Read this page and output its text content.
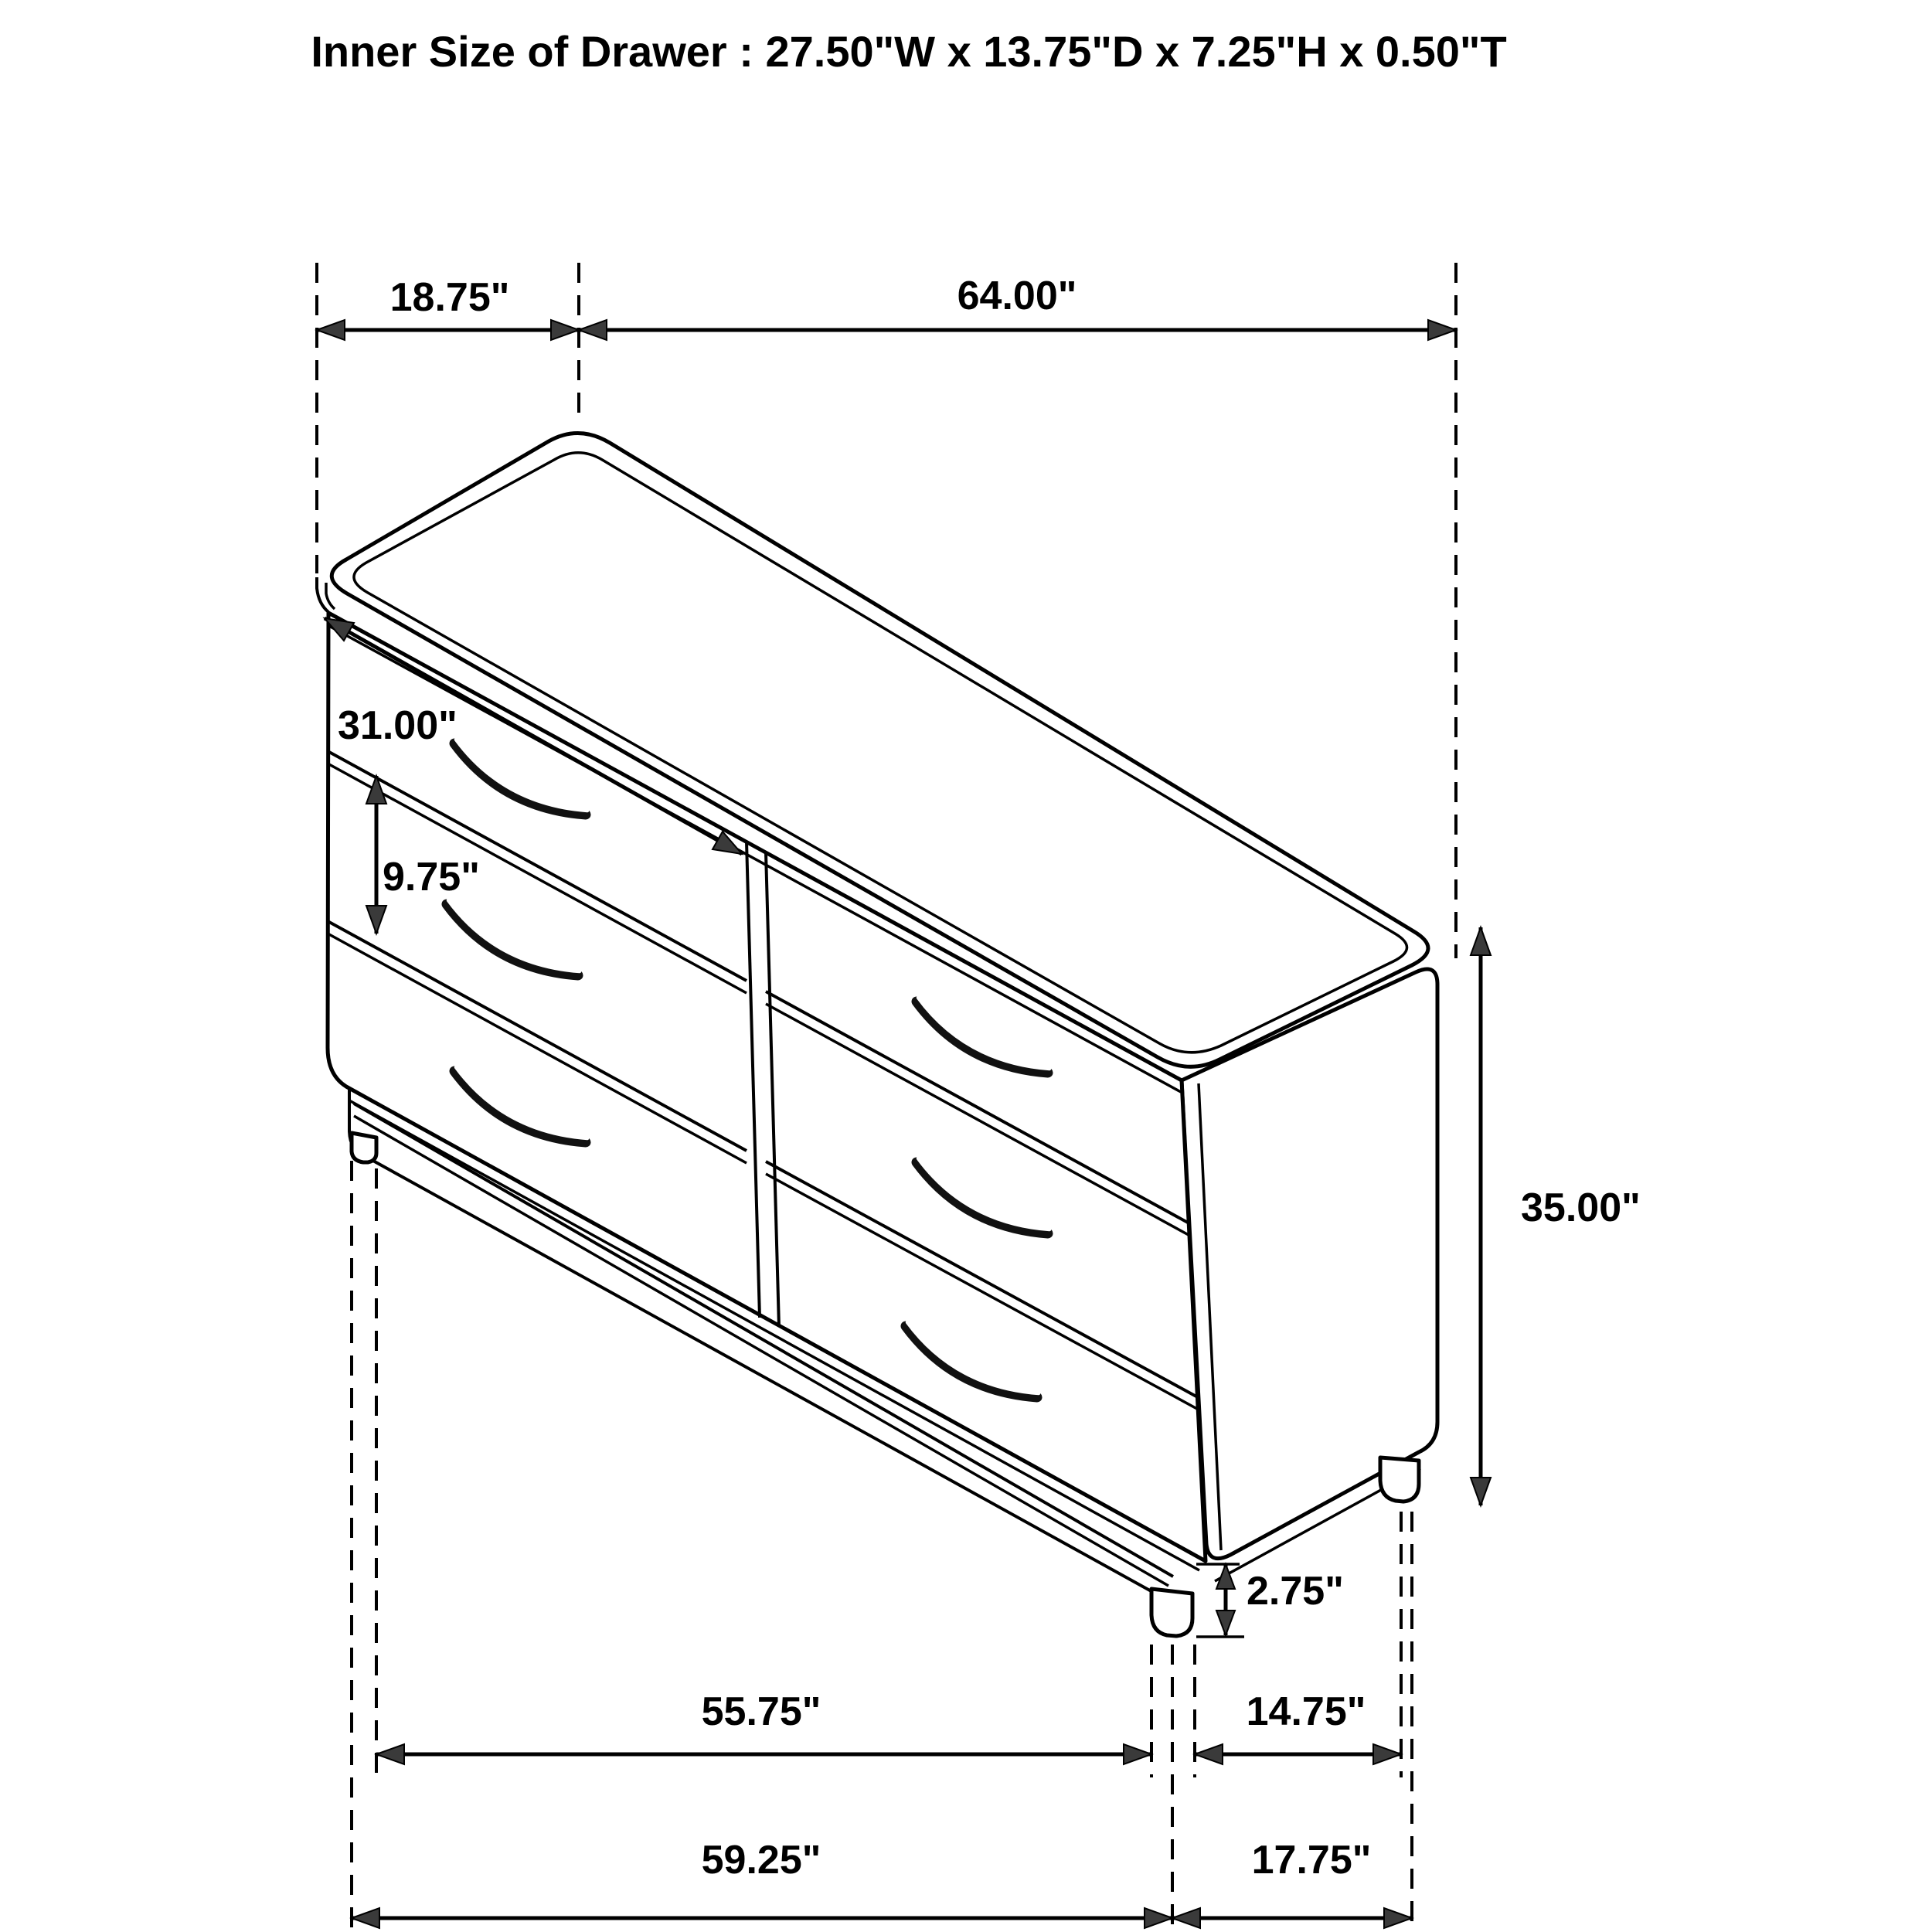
Inner Size of Drawer : 27.50"W x 13.75"D x 7.25"H x 0.50"T
18.75"	64.00"
31.00"
9.75"
35.00"
2.75"
55.75"	14.75"
59.25"	17.75"
